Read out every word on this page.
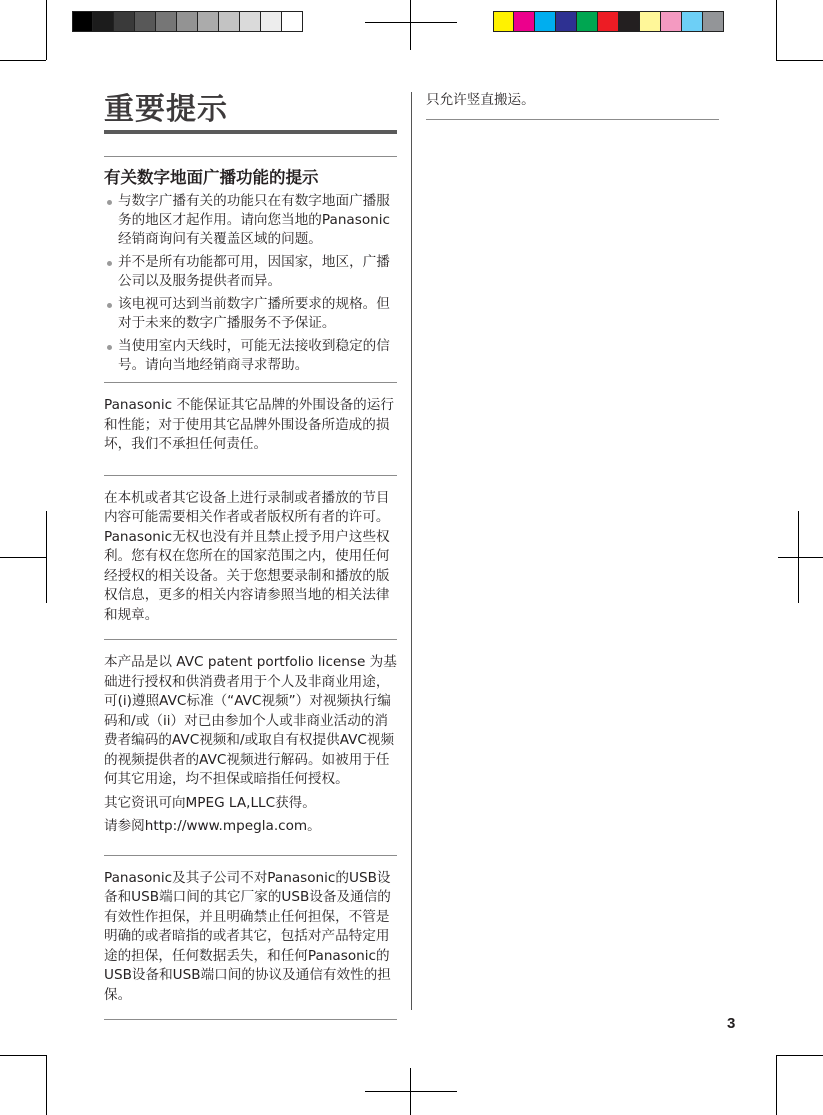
重要提示
有关数字地面广播功能的提示
与数字广播有关的功能只在有数字地面广播服务的地区才起作用。请向您当地的Panasonic经销商询问有关覆盖区域的问题。
并不是所有功能都可用，因国家，地区，广播公司以及服务提供者而异。
该电视可达到当前数字广播所要求的规格。但对于未来的数字广播服务不予保证。
当使用室内天线时，可能无法接收到稳定的信号。请向当地经销商寻求帮助。

Panasonic 不能保证其它品牌的外围设备的运行和性能；对于使用其它品牌外围设备所造成的损坏，我们不承担任何责任。

在本机或者其它设备上进行录制或者播放的节目内容可能需要相关作者或者版权所有者的许可。Panasonic无权也没有并且禁止授予用户这些权利。您有权在您所在的国家范围之内，使用任何经授权的相关设备。关于您想要录制和播放的版权信息，更多的相关内容请参照当地的相关法律和规章。

本产品是以 AVC patent portfolio license 为基础进行授权和供消费者用于个人及非商业用途，可(i)遵照AVC标准（“AVC视频”）对视频执行编码和/或（ii）对已由参加个人或非商业活动的消费者编码的AVC视频和/或取自有权提供AVC视频的视频提供者的AVC视频进行解码。如被用于任何其它用途，均不担保或暗指任何授权。

其它资讯可向MPEG LA,LLC获得。

请参阅http://www.mpegla.com。

Panasonic及其子公司不对Panasonic的USB设备和USB端口间的其它厂家的USB设备及通信的有效性作担保，并且明确禁止任何担保，不管是明确的或者暗指的或者其它，包括对产品特定用途的担保，任何数据丢失，和任何Panasonic的USB设备和USB端口间的协议及通信有效性的担保。

只允许竖直搬运。

3
